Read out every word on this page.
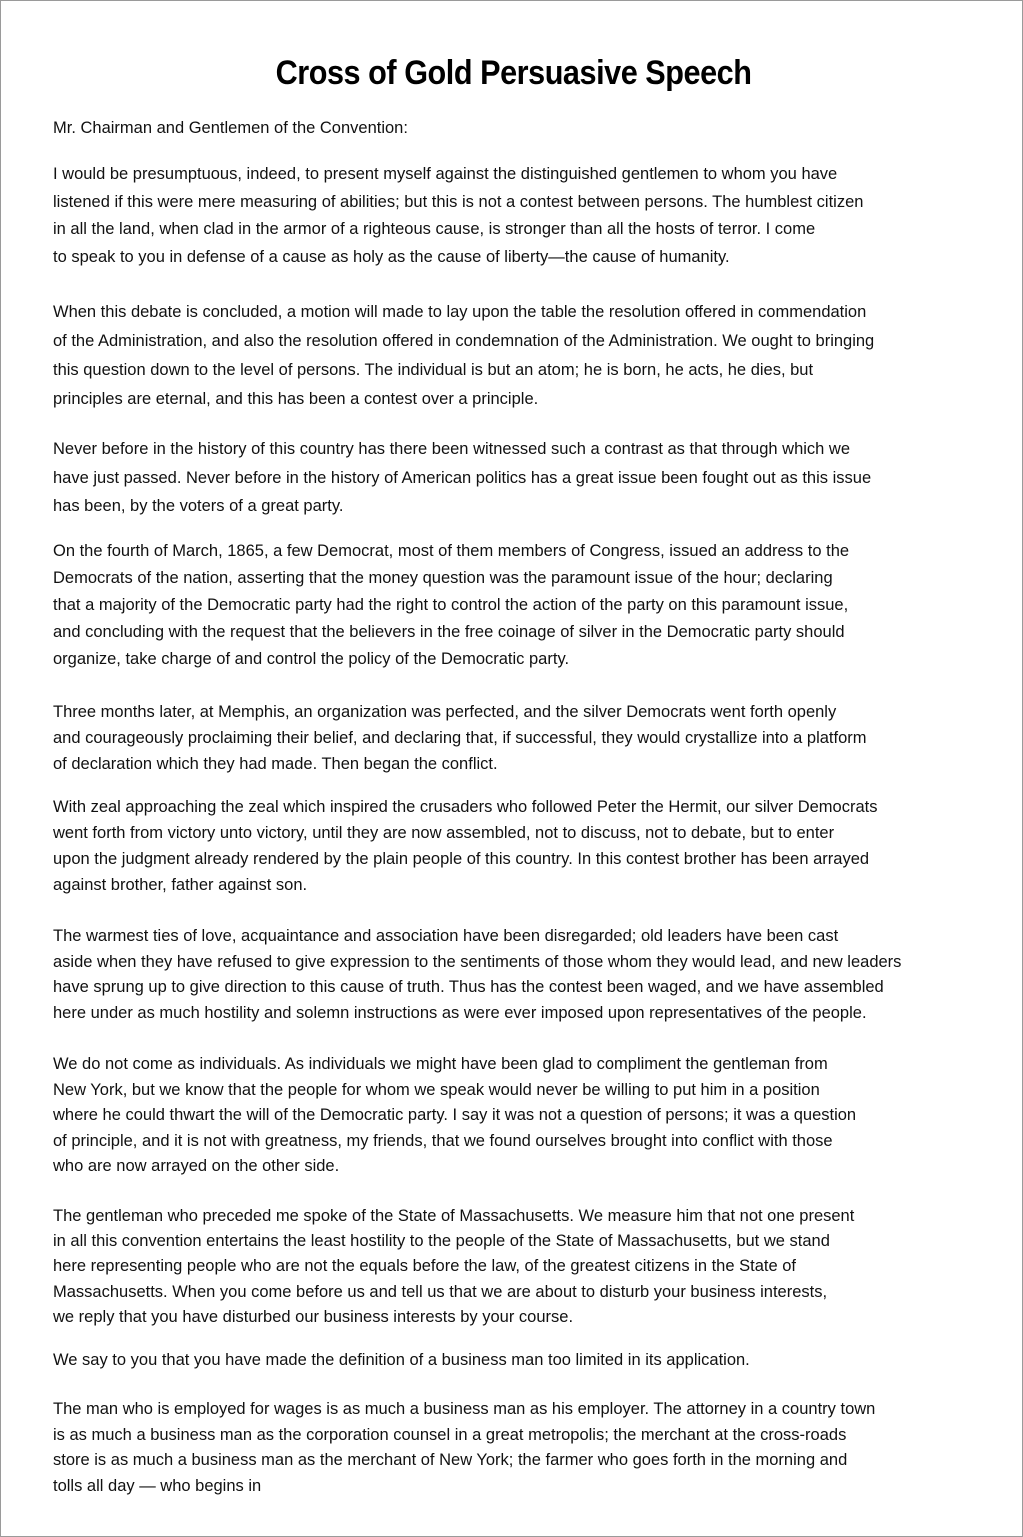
Cross of Gold Persuasive Speech
Mr. Chairman and Gentlemen of the Convention:
I would be presumptuous, indeed, to present myself against the distinguished gentlemen to whom you have
listened if this were mere measuring of abilities; but this is not a contest between persons. The humblest citizen
in all the land, when clad in the armor of a righteous cause, is stronger than all the hosts of terror. I come
to speak to you in defense of a cause as holy as the cause of liberty—the cause of humanity.
When this debate is concluded, a motion will made to lay upon the table the resolution offered in commendation
of the Administration, and also the resolution offered in condemnation of the Administration. We ought to bringing
this question down to the level of persons. The individual is but an atom; he is born, he acts, he dies, but
principles are eternal, and this has been a contest over a principle.
Never before in the history of this country has there been witnessed such a contrast as that through which we
have just passed. Never before in the history of American politics has a great issue been fought out as this issue
has been, by the voters of a great party.
On the fourth of March, 1865, a few Democrat, most of them members of Congress, issued an address to the
Democrats of the nation, asserting that the money question was the paramount issue of the hour; declaring
that a majority of the Democratic party had the right to control the action of the party on this paramount issue,
and concluding with the request that the believers in the free coinage of silver in the Democratic party should
organize, take charge of and control the policy of the Democratic party.
Three months later, at Memphis, an organization was perfected, and the silver Democrats went forth openly
and courageously proclaiming their belief, and declaring that, if successful, they would crystallize into a platform
of declaration which they had made. Then began the conflict.
With zeal approaching the zeal which inspired the crusaders who followed Peter the Hermit, our silver Democrats
went forth from victory unto victory, until they are now assembled, not to discuss, not to debate, but to enter
upon the judgment already rendered by the plain people of this country. In this contest brother has been arrayed
against brother, father against son.
The warmest ties of love, acquaintance and association have been disregarded; old leaders have been cast
aside when they have refused to give expression to the sentiments of those whom they would lead, and new leaders
have sprung up to give direction to this cause of truth. Thus has the contest been waged, and we have assembled
here under as much hostility and solemn instructions as were ever imposed upon representatives of the people.
We do not come as individuals. As individuals we might have been glad to compliment the gentleman from
New York, but we know that the people for whom we speak would never be willing to put him in a position
where he could thwart the will of the Democratic party. I say it was not a question of persons; it was a question
of principle, and it is not with greatness, my friends, that we found ourselves brought into conflict with those
who are now arrayed on the other side.
The gentleman who preceded me spoke of the State of Massachusetts. We measure him that not one present
in all this convention entertains the least hostility to the people of the State of Massachusetts, but we stand
here representing people who are not the equals before the law, of the greatest citizens in the State of
Massachusetts. When you come before us and tell us that we are about to disturb your business interests,
we reply that you have disturbed our business interests by your course.
We say to you that you have made the definition of a business man too limited in its application.
The man who is employed for wages is as much a business man as his employer. The attorney in a country town
is as much a business man as the corporation counsel in a great metropolis; the merchant at the cross-roads
store is as much a business man as the merchant of New York; the farmer who goes forth in the morning and
tolls all day — who begins in
